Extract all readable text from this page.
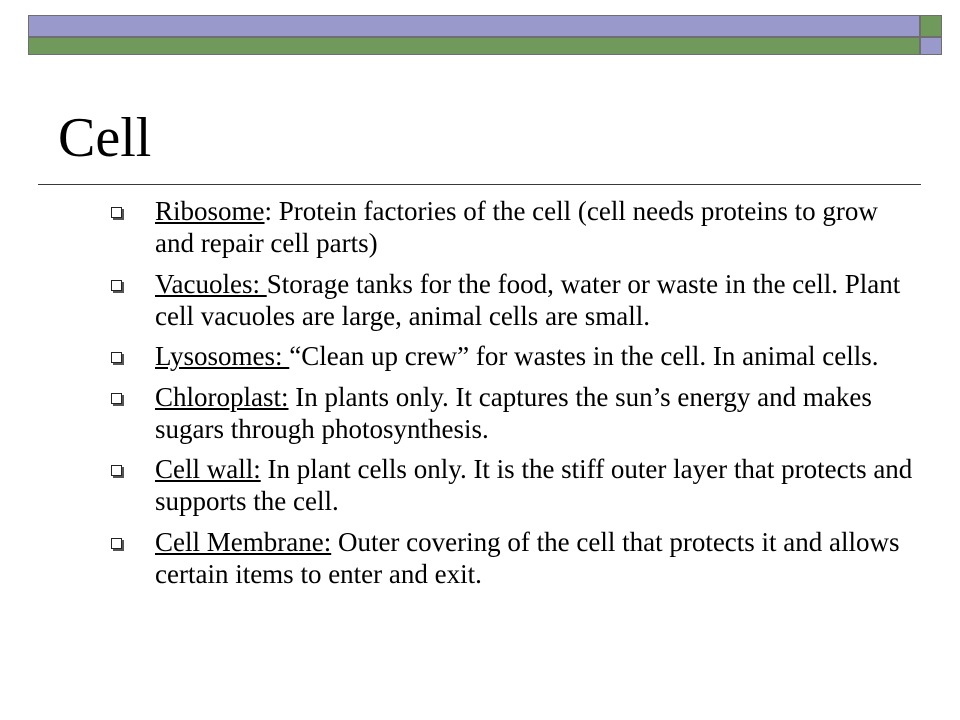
Cell
Ribosome: Protein factories of the cell (cell needs proteins to grow and repair cell parts)
Vacuoles: Storage tanks for the food, water or waste in the cell. Plant cell vacuoles are large, animal cells are small.
Lysosomes: “Clean up crew” for wastes in the cell. In animal cells.
Chloroplast: In plants only. It captures the sun’s energy and makes sugars through photosynthesis.
Cell wall: In plant cells only. It is the stiff outer layer that protects and supports the cell.
Cell Membrane: Outer covering of the cell that protects it and allows certain items to enter and exit.
